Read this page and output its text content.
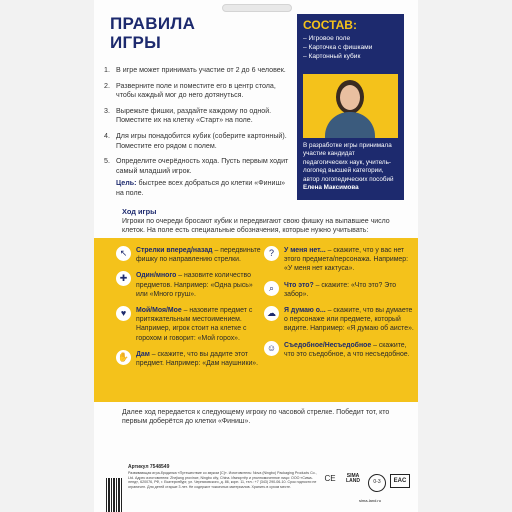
ПРАВИЛА
ИГРЫ
1. В игре может принимать участие от 2 до 6 человек.
2. Разверните поле и поместите его в центр стола, чтобы каждый мог до него дотянуться.
3. Вырежьте фишки, раздайте каждому по одной. Поместите их на клетку «Старт» на поле.
4. Для игры понадобится кубик (соберите картонный). Поместите его рядом с полем.
5. Определите очерёдность хода. Пусть первым ходит самый младший игрок.
Цель: быстрее всех добраться до клетки «Финиш» на поле.
СОСТАВ:
– Игровое поле
– Карточка с фишками
– Картонный кубик
В разработке игры принимала участие кандидат педагогических наук, учитель-логопед высшей категории, автор логопедических пособий
Елена Максимова
Ход игры
Игроки по очереди бросают кубик и передвигают свою фишку на выпавшее число клеток. На поле есть специальные обозначения, которые нужно учитывать:
↖	Стрелки вперед/назад – передвиньте фишку по направлению стрелки.
✚	Один/много – назовите количество предметов. Например: «Одна рысь» или «Много груш».
♥	Мой/Моя/Мое – назовите предмет с притяжательным местоимением. Например, игрок стоит на клетке с горохом и говорит: «Мой горох».
✋ Дам – скажите, что вы дадите этот предмет. Например: «Дам наушники».
?	У меня нет... – скажите, что у вас нет этого предмета/персонажа. Например: «У меня нет кактуса».
⌕	Что это? – скажите: «Что это? Это забор».
☁	Я думаю о... – скажите, что вы думаете о персонаже или предмете, который видите. Например: «Я думаю об аисте».
☺	Съедобное/Несъедобное – скажите, что это съедобное, а что несъедобное.
Далее ход передается к следующему игроку по часовой стрелке. Победит тот, кто первым доберётся до клетки «Финиш».
Артикул 7548549
Развивающая игра-бродилка «Путешествие со звуком [С]». Изготовитель: Nova (Ningbo) Packaging Products Co., Ltd. Адрес изготовителя: Zhejiang province, Ningbo city, China. Импортёр и уполномоченное лицо: ООО «Сима-ленд», 620076, РФ, г. Екатеринбург, ул. Черняховского, д. 86, корп. 11, тел.: +7 (343) 290-06-10. Срок годности не ограничен. Для детей старше 3 лет. Не содержит токсичных материалов. Хранить в сухом месте.
CE	SIMA LAND	0-3	EAC
sima-land.ru
